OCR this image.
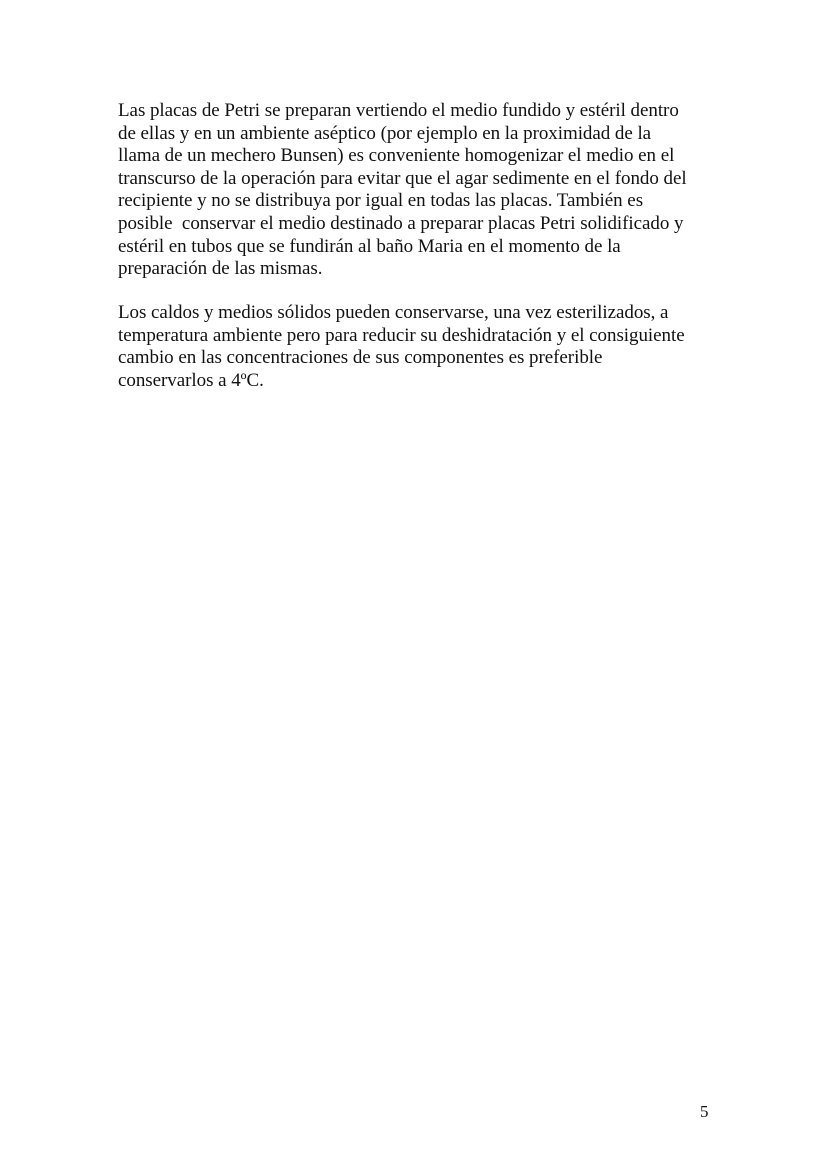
Las placas de Petri se preparan vertiendo el medio fundido y estéril dentro
de ellas y en un ambiente aséptico (por ejemplo en la proximidad de la
llama de un mechero Bunsen) es conveniente homogenizar el medio en el
transcurso de la operación para evitar que el agar sedimente en el fondo del
recipiente y no se distribuya por igual en todas las placas. También es
posible  conservar el medio destinado a preparar placas Petri solidificado y
estéril en tubos que se fundirán al baño Maria en el momento de la
preparación de las mismas.
Los caldos y medios sólidos pueden conservarse, una vez esterilizados, a
temperatura ambiente pero para reducir su deshidratación y el consiguiente
cambio en las concentraciones de sus componentes es preferible
conservarlos a 4ºC.
5
